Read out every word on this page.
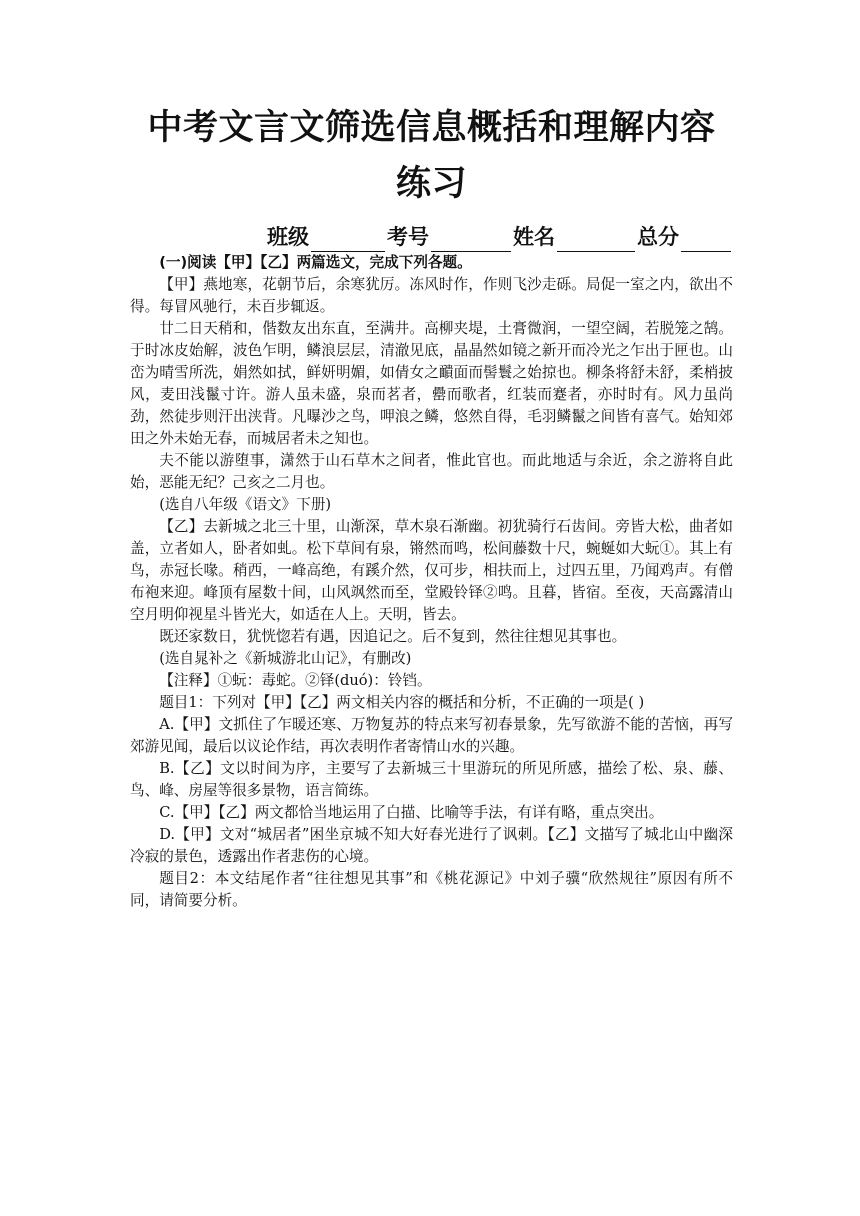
中考文言文筛选信息概括和理解内容练习
班级	考号	姓名	总分

(一)阅读【甲】【乙】两篇选文，完成下列各题。

【甲】燕地寒，花朝节后，余寒犹厉。冻风时作，作则飞沙走砾。局促一室之内，欲出不得。每冒风驰行，未百步辄返。

廿二日天稍和，偕数友出东直，至满井。高柳夹堤，土膏微润，一望空阔，若脱笼之鹄。于时冰皮始解，波色乍明，鳞浪层层，清澈见底，晶晶然如镜之新开而冷光之乍出于匣也。山峦为晴雪所洗，娟然如拭，鲜妍明媚，如倩女之靧面而髻鬟之始掠也。柳条将舒未舒，柔梢披风，麦田浅鬣寸许。游人虽未盛，泉而茗者，罍而歌者，红装而蹇者，亦时时有。风力虽尚劲，然徒步则汗出浃背。凡曝沙之鸟，呷浪之鳞，悠然自得，毛羽鳞鬣之间皆有喜气。始知郊田之外未始无春，而城居者未之知也。

夫不能以游堕事，潇然于山石草木之间者，惟此官也。而此地适与余近，余之游将自此始，恶能无纪？己亥之二月也。

(选自八年级《语文》下册)

【乙】去新城之北三十里，山渐深，草木泉石渐幽。初犹骑行石齿间。旁皆大松，曲者如盖，立者如人，卧者如虬。松下草间有泉，锵然而鸣，松间藤数十尺，蜿蜒如大蚖①。其上有鸟，赤冠长喙。稍西，一峰高绝，有蹊介然，仅可步，相扶而上，过四五里，乃闻鸡声。有僧布袍来迎。峰顶有屋数十间，山风飒然而至，堂殿铃铎②鸣。且暮，皆宿。至夜，天高露清山空月明仰视星斗皆光大，如适在人上。天明，皆去。

既还家数日，犹恍惚若有遇，因追记之。后不复到，然往往想见其事也。

(选自晁补之《新城游北山记》，有删改)

【注释】①蚖：毒蛇。②铎(duó)：铃铛。

题目1：下列对【甲】【乙】两文相关内容的概括和分析，不正确的一项是( )

A.【甲】文抓住了乍暖还寒、万物复苏的特点来写初春景象，先写欲游不能的苦恼，再写郊游见闻，最后以议论作结，再次表明作者寄情山水的兴趣。

B.【乙】文以时间为序，主要写了去新城三十里游玩的所见所感，描绘了松、泉、藤、鸟、峰、房屋等很多景物，语言简练。

C.【甲】【乙】两文都恰当地运用了白描、比喻等手法，有详有略，重点突出。

D.【甲】文对“城居者”困坐京城不知大好春光进行了讽刺。【乙】文描写了城北山中幽深冷寂的景色，透露出作者悲伤的心境。

题目2：本文结尾作者“往往想见其事”和《桃花源记》中刘子骥“欣然规往”原因有所不同，请简要分析。
